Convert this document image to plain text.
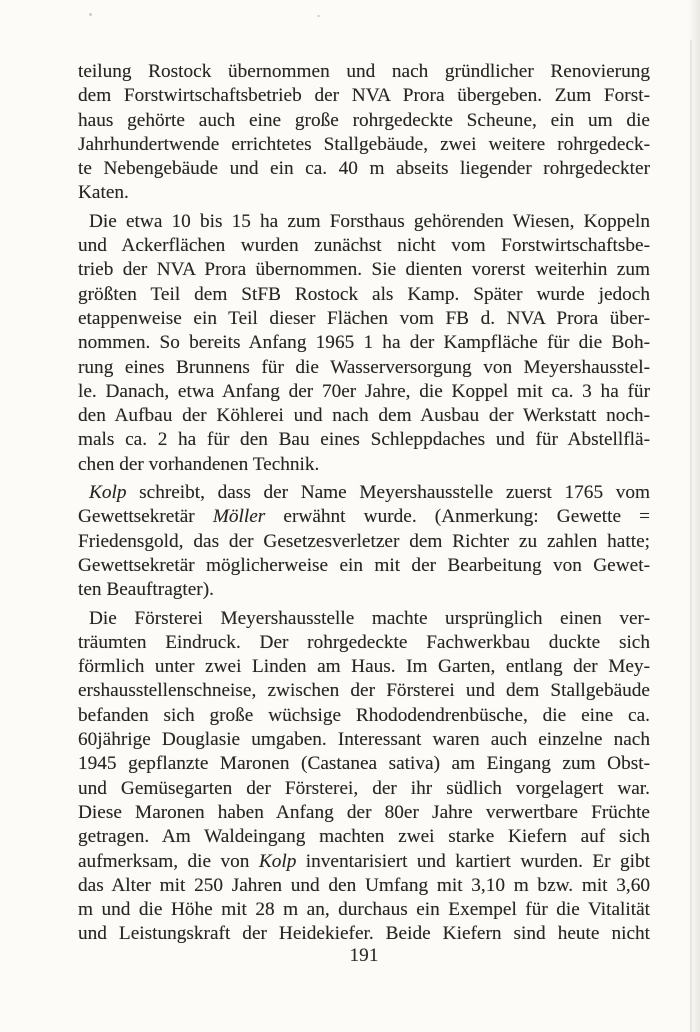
teilung Rostock übernommen und nach gründlicher Renovierung
dem Forstwirtschaftsbetrieb der NVA Prora übergeben. Zum Forst-
haus gehörte auch eine große rohrgedeckte Scheune, ein um die
Jahrhundertwende errichtetes Stallgebäude, zwei weitere rohrgedeck-
te Nebengebäude und ein ca. 40 m abseits liegender rohrgedeckter
Katen.
Die etwa 10 bis 15 ha zum Forsthaus gehörenden Wiesen, Koppeln
und Ackerflächen wurden zunächst nicht vom Forstwirtschaftsbe-
trieb der NVA Prora übernommen. Sie dienten vorerst weiterhin zum
größten Teil dem StFB Rostock als Kamp. Später wurde jedoch
etappenweise ein Teil dieser Flächen vom FB d. NVA Prora über-
nommen. So bereits Anfang 1965 1 ha der Kampfläche für die Boh-
rung eines Brunnens für die Wasserversorgung von Meyershausstel-
le. Danach, etwa Anfang der 70er Jahre, die Koppel mit ca. 3 ha für
den Aufbau der Köhlerei und nach dem Ausbau der Werkstatt noch-
mals ca. 2 ha für den Bau eines Schleppdaches und für Abstellflä-
chen der vorhandenen Technik.
Kolp schreibt, dass der Name Meyershausstelle zuerst 1765 vom
Gewettsekretär Möller erwähnt wurde. (Anmerkung: Gewette =
Friedensgold, das der Gesetzesverletzer dem Richter zu zahlen hatte;
Gewettsekretär möglicherweise ein mit der Bearbeitung von Gewet-
ten Beauftragter).
Die Försterei Meyershausstelle machte ursprünglich einen ver-
träumten Eindruck. Der rohrgedeckte Fachwerkbau duckte sich
förmlich unter zwei Linden am Haus. Im Garten, entlang der Mey-
ershausstellenschneise, zwischen der Försterei und dem Stallgebäude
befanden sich große wüchsige Rhododendrenbüsche, die eine ca.
60jährige Douglasie umgaben. Interessant waren auch einzelne nach
1945 gepflanzte Maronen (Castanea sativa) am Eingang zum Obst-
und Gemüsegarten der Försterei, der ihr südlich vorgelagert war.
Diese Maronen haben Anfang der 80er Jahre verwertbare Früchte
getragen. Am Waldeingang machten zwei starke Kiefern auf sich
aufmerksam, die von Kolp inventarisiert und kartiert wurden. Er gibt
das Alter mit 250 Jahren und den Umfang mit 3,10 m bzw. mit 3,60
m und die Höhe mit 28 m an, durchaus ein Exempel für die Vitalität
und Leistungskraft der Heidekiefer. Beide Kiefern sind heute nicht
191
